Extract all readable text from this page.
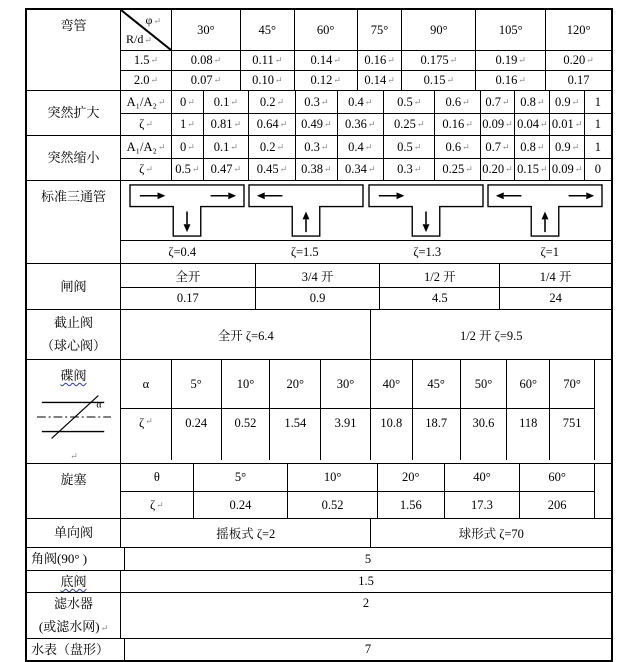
弯管	φ↵
R/d↵
30°	45°	60°	75°	90°	105°	120°
1.5 ↵	0.08 ↵	0.11 ↵	0.14 ↵	0.16 ↵	0.175 ↵	0.19 ↵	0.20 ↵
2.0 ↵	0.07 ↵	0.10 ↵	0.12 ↵	0.14 ↵	0.15 ↵	0.16 ↵	0.17
突然扩大
A₁/A₂ ↵	0 ↵	0.1 ↵	0.2 ↵	0.3 ↵	0.4 ↵	0.5 ↵	0.6 ↵	0.7 ↵ 0.8 ↵ 0.9 ↵	1
ζ ↵	1 ↵	0.81 ↵	0.64 ↵	0.49 ↵	0.36 ↵	0.25 ↵	0.16 ↵ 0.09 ↵ 0.04 ↵ 0.01 ↵ 1
突然缩小
A₁/A₂ ↵	0 ↵	0.1 ↵	0.2 ↵	0.3 ↵	0.4 ↵	0.5 ↵	0.6 ↵	0.7 ↵ 0.8 ↵ 0.9 ↵	1
ζ ↵	0.5 ↵ 0.47 ↵	0.45 ↵	0.38 ↵	0.34 ↵	0.3 ↵	0.25 ↵ 0.20 ↵ 0.15 ↵ 0.09 ↵ 0
标准三通管
ζ=0.4	ζ=1.5	ζ=1.3	ζ=1
闸阀
全开	3/4 开	1/2 开	1/4 开
0.17	0.9	4.5	24
截止阀
（球心阀）
全开 ζ=6.4	1/2 开 ζ=9.5
碟阀
α
↵
α	5°	10°	20°	30°	40°	45°	50°	60°	70°
ζ ↵	0.24	0.52	1.54	3.91	10.8	18.7	30.6	118	751
旋塞	θ	5°	10°	20°	40°	60°
ζ ↵	0.24	0.52	1.56	17.3	206
单向阀	摇板式 ζ=2	球形式 ζ=70
角阀(90° )	5
底阀	1.5
滤水器
(或滤水网)↵
2
水表（盘形）	7
